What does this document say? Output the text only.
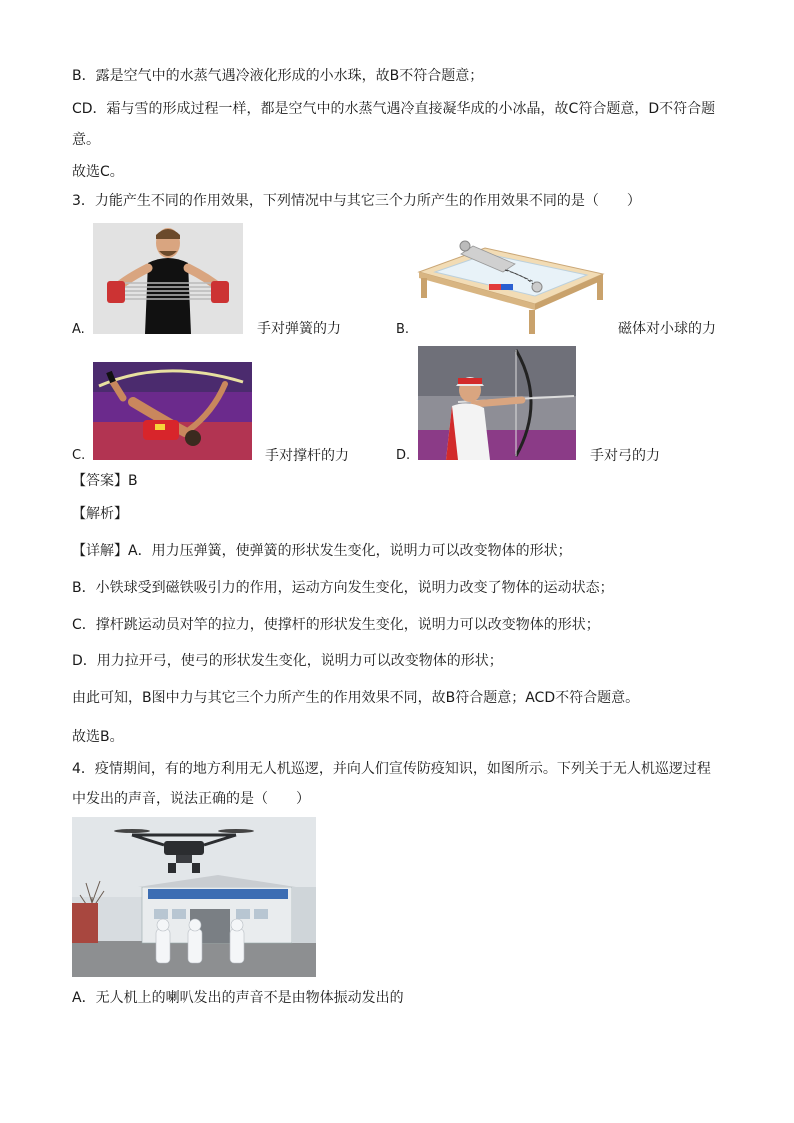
B．露是空气中的水蒸气遇冷液化形成的小水珠，故B不符合题意；
CD．霜与雪的形成过程一样，都是空气中的水蒸气遇冷直接凝华成的小冰晶，故C符合题意，D不符合题
意。
故选C。
3．力能产生不同的作用效果，下列情况中与其它三个力所产生的作用效果不同的是（　　）
A.	手对弹簧的力	B.	磁体对小球的力
C.	手对撑杆的力	D.	手对弓的力
【答案】B
【解析】
【详解】A．用力压弹簧，使弹簧的形状发生变化，说明力可以改变物体的形状；
B．小铁球受到磁铁吸引力的作用，运动方向发生变化，说明力改变了物体的运动状态；
C．撑杆跳运动员对竿的拉力，使撑杆的形状发生变化，说明力可以改变物体的形状；
D．用力拉开弓，使弓的形状发生变化，说明力可以改变物体的形状；
由此可知，B图中力与其它三个力所产生的作用效果不同，故B符合题意；ACD不符合题意。
故选B。
4．疫情期间，有的地方利用无人机巡逻，并向人们宣传防疫知识，如图所示。下列关于无人机巡逻过程
中发出的声音，说法正确的是（　　）
A．无人机上的喇叭发出的声音不是由物体振动发出的
